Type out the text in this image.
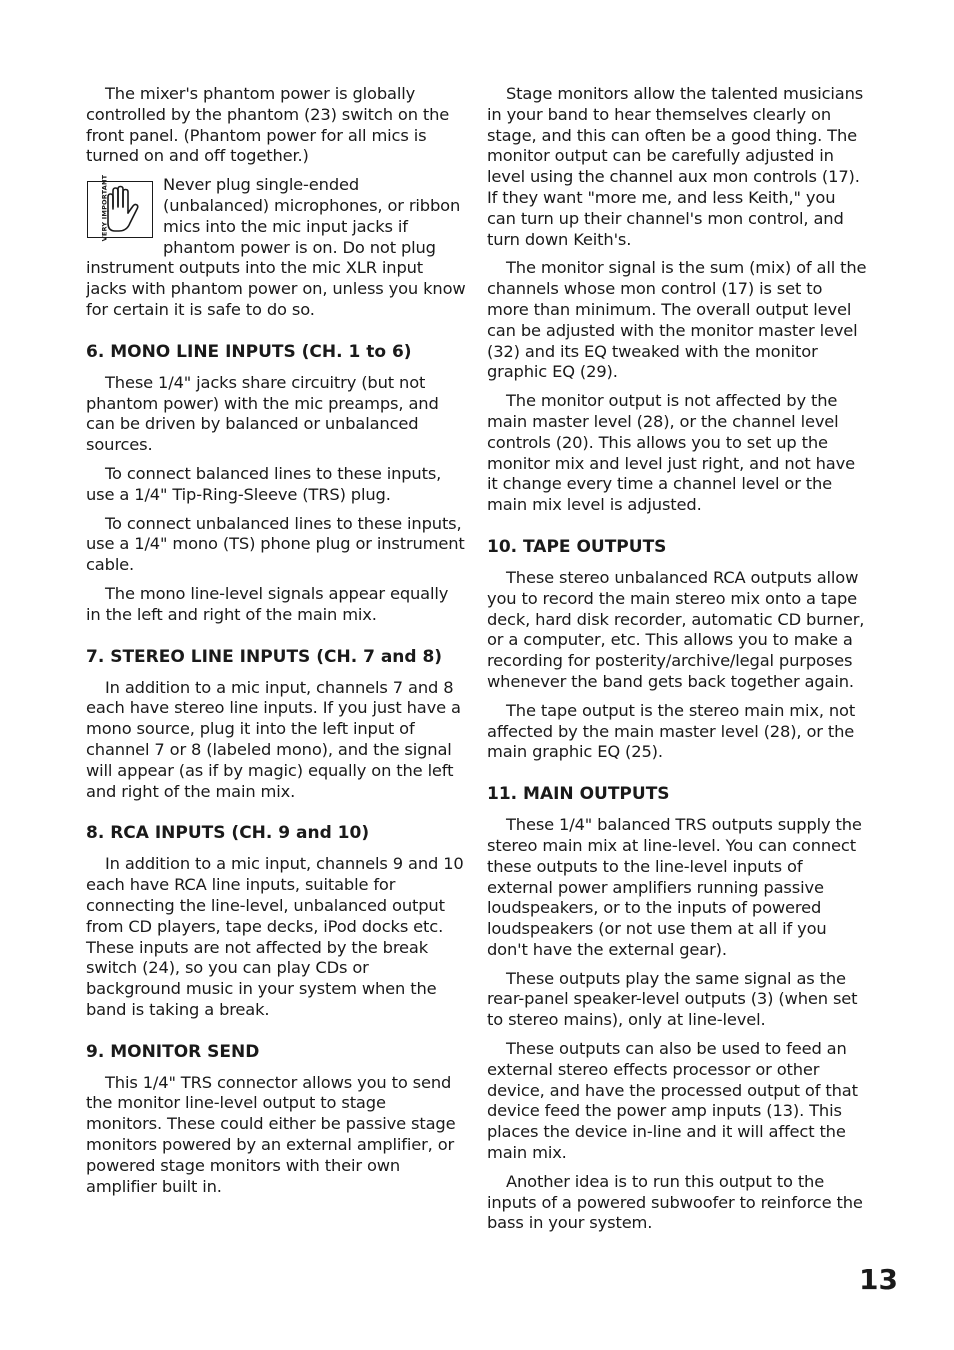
The mixer's phantom power is globally controlled by the phantom (23) switch on the front panel. (Phantom power for all mics is turned on and off together.)

VERY IMPORTANT	Never plug single-ended (unbalanced) microphones, or ribbon mics into the mic input jacks if phantom power is on. Do not plug instrument outputs into the mic XLR input jacks with phantom power on, unless you know for certain it is safe to do so.

6. MONO LINE INPUTS (CH. 1 to 6)

These 1/4" jacks share circuitry (but not phantom power) with the mic preamps, and can be driven by balanced or unbalanced sources.

To connect balanced lines to these inputs, use a 1/4" Tip-Ring-Sleeve (TRS) plug.

To connect unbalanced lines to these inputs, use a 1/4" mono (TS) phone plug or instrument cable.

The mono line-level signals appear equally in the left and right of the main mix.

7. STEREO LINE INPUTS (CH. 7 and 8)

In addition to a mic input, channels 7 and 8 each have stereo line inputs. If you just have a mono source, plug it into the left input of channel 7 or 8 (labeled mono), and the signal will appear (as if by magic) equally on the left and right of the main mix.

8. RCA INPUTS (CH. 9 and 10)

In addition to a mic input, channels 9 and 10 each have RCA line inputs, suitable for connecting the line-level, unbalanced output from CD players, tape decks, iPod docks etc. These inputs are not affected by the break switch (24), so you can play CDs or background music in your system when the band is taking a break.

9. MONITOR SEND

This 1/4" TRS connector allows you to send the monitor line-level output to stage monitors. These could either be passive stage monitors powered by an external amplifier, or powered stage monitors with their own amplifier built in.

Stage monitors allow the talented musicians in your band to hear themselves clearly on stage, and this can often be a good thing. The monitor output can be carefully adjusted in level using the channel aux mon controls (17). If they want "more me, and less Keith," you can turn up their channel's mon control, and turn down Keith's.

The monitor signal is the sum (mix) of all the channels whose mon control (17) is set to more than minimum. The overall output level can be adjusted with the monitor master level (32) and its EQ tweaked with the monitor graphic EQ (29).

The monitor output is not affected by the main master level (28), or the channel level controls (20). This allows you to set up the monitor mix and level just right, and not have it change every time a channel level or the main mix level is adjusted.

10. TAPE OUTPUTS

These stereo unbalanced RCA outputs allow you to record the main stereo mix onto a tape deck, hard disk recorder, automatic CD burner, or a computer, etc. This allows you to make a recording for posterity/archive/legal purposes whenever the band gets back together again.

The tape output is the stereo main mix, not affected by the main master level (28), or the main graphic EQ (25).

11. MAIN OUTPUTS

These 1/4" balanced TRS outputs supply the stereo main mix at line-level. You can connect these outputs to the line-level inputs of external power amplifiers running passive loudspeakers, or to the inputs of powered loudspeakers (or not use them at all if you don't have the external gear).

These outputs play the same signal as the rear-panel speaker-level outputs (3) (when set to stereo mains), only at line-level.

These outputs can also be used to feed an external stereo effects processor or other device, and have the processed output of that device feed the power amp inputs (13). This places the device in-line and it will affect the main mix.

Another idea is to run this output to the inputs of a powered subwoofer to reinforce the bass in your system.

13
